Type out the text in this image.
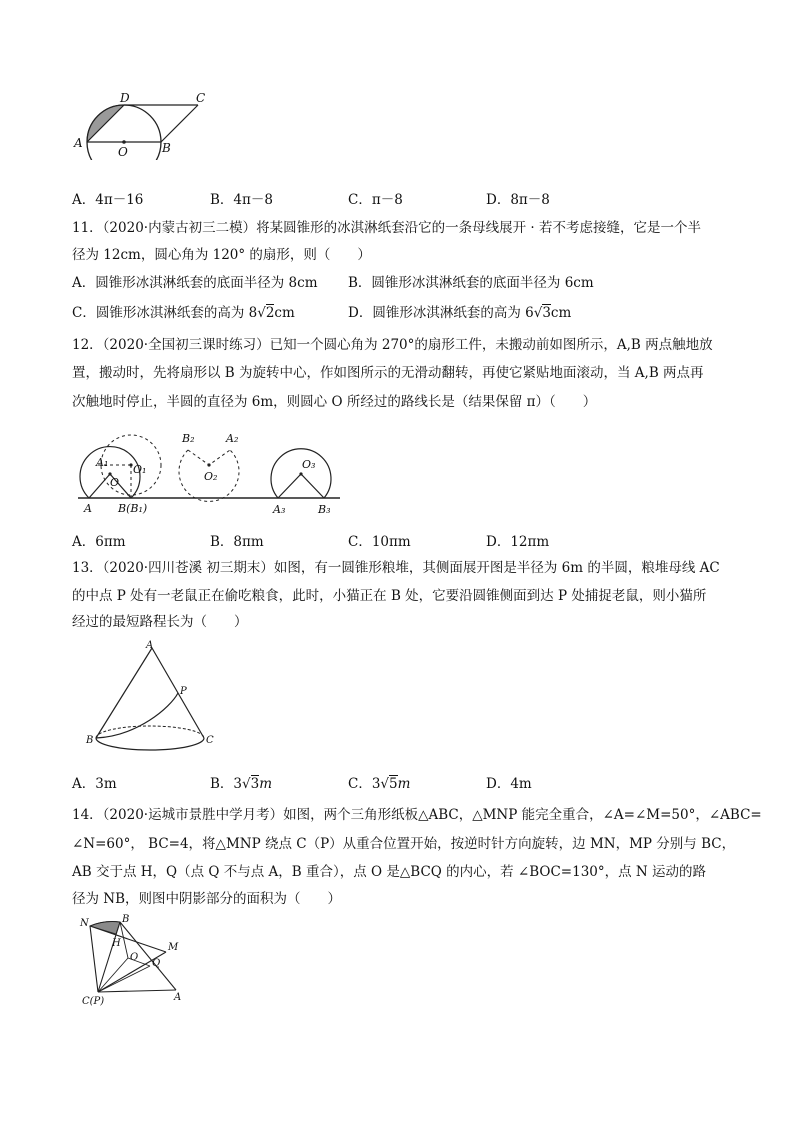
D	C
A
O	B
A．4π－16	B．4π－8	C．π－8	D．8π－8
11．（2020·内蒙古初三二模）将某圆锥形的冰淇淋纸套沿它的一条母线展开 · 若不考虑接缝，它是一个半
径为 12cm，圆心角为 120° 的扇形，则（　　）
A．圆锥形冰淇淋纸套的底面半径为 8cm B．圆锥形冰淇淋纸套的底面半径为 6cm
C．圆锥形冰淇淋纸套的高为 8√2cm	D．圆锥形冰淇淋纸套的高为 6√3cm
12．（2020·全国初三课时练习）已知一个圆心角为 270°的扇形工件，未搬动前如图所示，A,B 两点触地放
置，搬动时，先将扇形以 B 为旋转中心，作如图所示的无滑动翻转，再使它紧贴地面滚动，当 A,B 两点再
次触地时停止，半圆的直径为 6m，则圆心 O 所经过的路线长是（结果保留 π）（　　）
A₁
O
O₁
A B(B₁)
B₂	A₂
O₂
O₃
A₃	B₃
A．6πm	B．8πm	C．10πm	D．12πm
13．（2020·四川苍溪 初三期末）如图，有一圆锥形粮堆，其侧面展开图是半径为 6m 的半圆，粮堆母线 AC
的中点 P 处有一老鼠正在偷吃粮食，此时，小猫正在 B 处，它要沿圆锥侧面到达 P 处捕捉老鼠，则小猫所
经过的最短路程长为（　　）
A
P
B	C
A．3m	B．3√3m	C．3√5m	D．4m
14．（2020·运城市景胜中学月考）如图，两个三角形纸板△ABC，△MNP 能完全重合，∠A=∠M=50°，∠ABC=
∠N=60°， BC=4，将△MNP 绕点 C（P）从重合位置开始，按逆时针方向旋转，边 MN，MP 分别与 BC，
AB 交于点 H，Q（点 Q 不与点 A，B 重合），点 O 是△BCQ 的内心，若 ∠BOC=130°，点 N 运动的路
径为 NB，则图中阴影部分的面积为（　　）
N	B
H
O
M
Q
C(P)	A
